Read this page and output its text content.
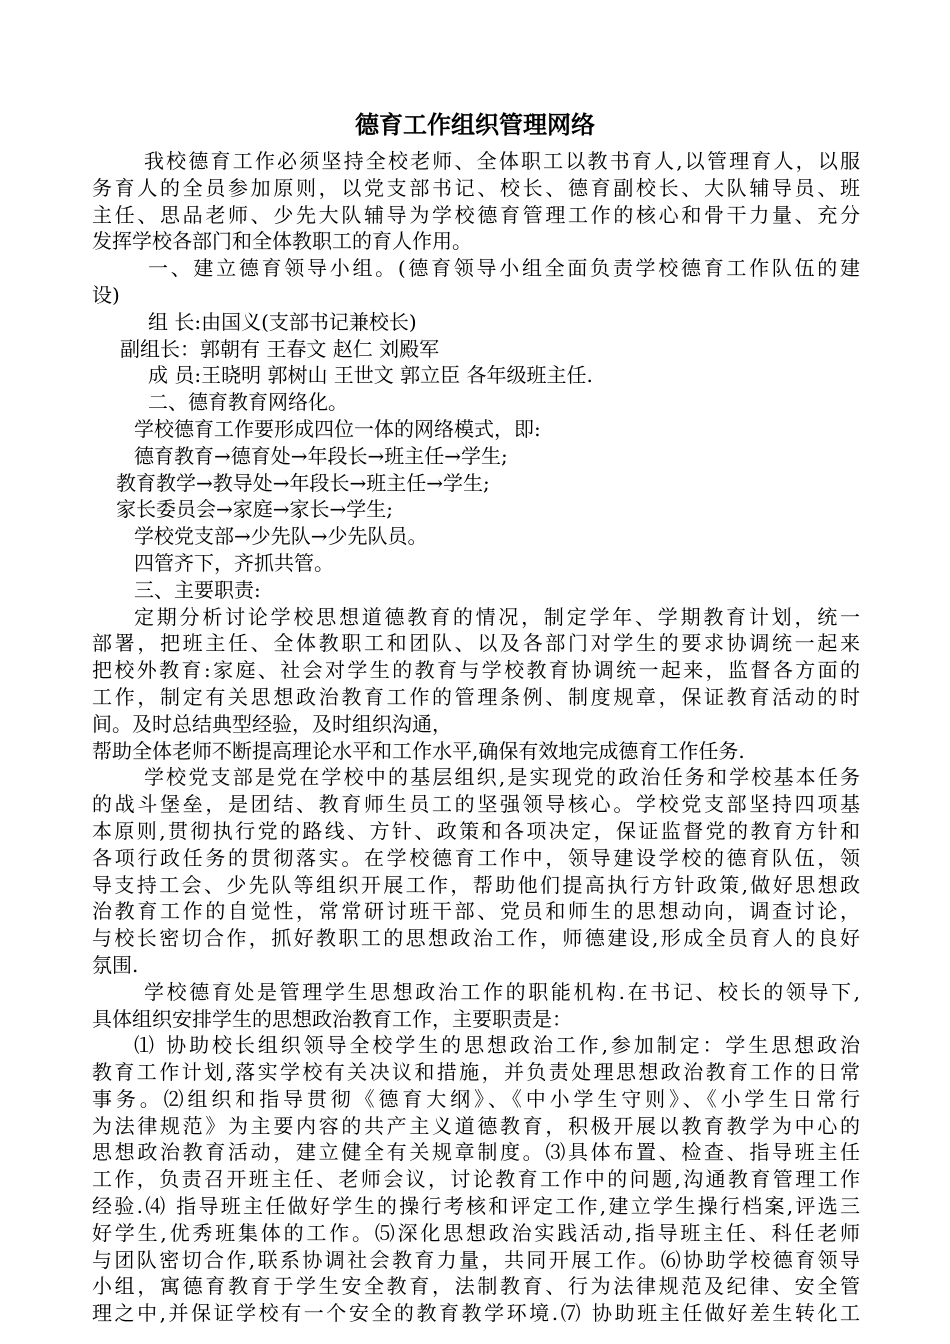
德育工作组织管理网络
我校德育工作必须坚持全校老师、全体职工以教书育人,以管理育人，以服
务育人的全员参加原则，以党支部书记、校长、德育副校长、大队辅导员、班
主任、思品老师、少先大队辅导为学校德育管理工作的核心和骨干力量、充分
发挥学校各部门和全体教职工的育人作用。
一、建立德育领导小组。(德育领导小组全面负责学校德育工作队伍的建
设)
组 长:由国义(支部书记兼校长)
副组长：郭朝有 王春文 赵仁 刘殿军
成 员:王晓明 郭树山 王世文 郭立臣 各年级班主任.
二、德育教育网络化。
学校德育工作要形成四位一体的网络模式，即:
德育教育→德育处→年段长→班主任→学生;
教育教学→教导处→年段长→班主任→学生;
家长委员会→家庭→家长→学生;
学校党支部→少先队→少先队员。
四管齐下，齐抓共管。
三、主要职责:
定期分析讨论学校思想道德教育的情况，制定学年、学期教育计划，统一
部署，把班主任、全体教职工和团队、以及各部门对学生的要求协调统一起来
把校外教育:家庭、社会对学生的教育与学校教育协调统一起来，监督各方面的
工作，制定有关思想政治教育工作的管理条例、制度规章，保证教育活动的时
间。及时总结典型经验，及时组织沟通，
帮助全体老师不断提高理论水平和工作水平,确保有效地完成德育工作任务.
学校党支部是党在学校中的基层组织,是实现党的政治任务和学校基本任务
的战斗堡垒，是团结、教育师生员工的坚强领导核心。学校党支部坚持四项基
本原则,贯彻执行党的路线、方针、政策和各项决定，保证监督党的教育方针和
各项行政任务的贯彻落实。在学校德育工作中，领导建设学校的德育队伍，领
导支持工会、少先队等组织开展工作，帮助他们提高执行方针政策,做好思想政
治教育工作的自觉性，常常研讨班干部、党员和师生的思想动向，调查讨论，
与校长密切合作，抓好教职工的思想政治工作，师德建设,形成全员育人的良好
氛围.
学校德育处是管理学生思想政治工作的职能机构.在书记、校长的领导下,
具体组织安排学生的思想政治教育工作，主要职责是：
⑴ 协助校长组织领导全校学生的思想政治工作,参加制定：学生思想政治
教育工作计划,落实学校有关决议和措施，并负责处理思想政治教育工作的日常
事务。⑵组织和指导贯彻《德育大纲》、《中小学生守则》、《小学生日常行
为法律规范》为主要内容的共产主义道德教育，积极开展以教育教学为中心的
思想政治教育活动，建立健全有关规章制度。⑶具体布置、检查、指导班主任
工作，负责召开班主任、老师会议，讨论教育工作中的问题,沟通教育管理工作
经验.⑷ 指导班主任做好学生的操行考核和评定工作,建立学生操行档案,评选三
好学生,优秀班集体的工作。⑸深化思想政治实践活动,指导班主任、科任老师
与团队密切合作,联系协调社会教育力量，共同开展工作。⑹协助学校德育领导
小组，寓德育教育于学生安全教育，法制教育、行为法律规范及纪律、安全管
理之中,并保证学校有一个安全的教育教学环境.⑺ 协助班主任做好差生转化工
